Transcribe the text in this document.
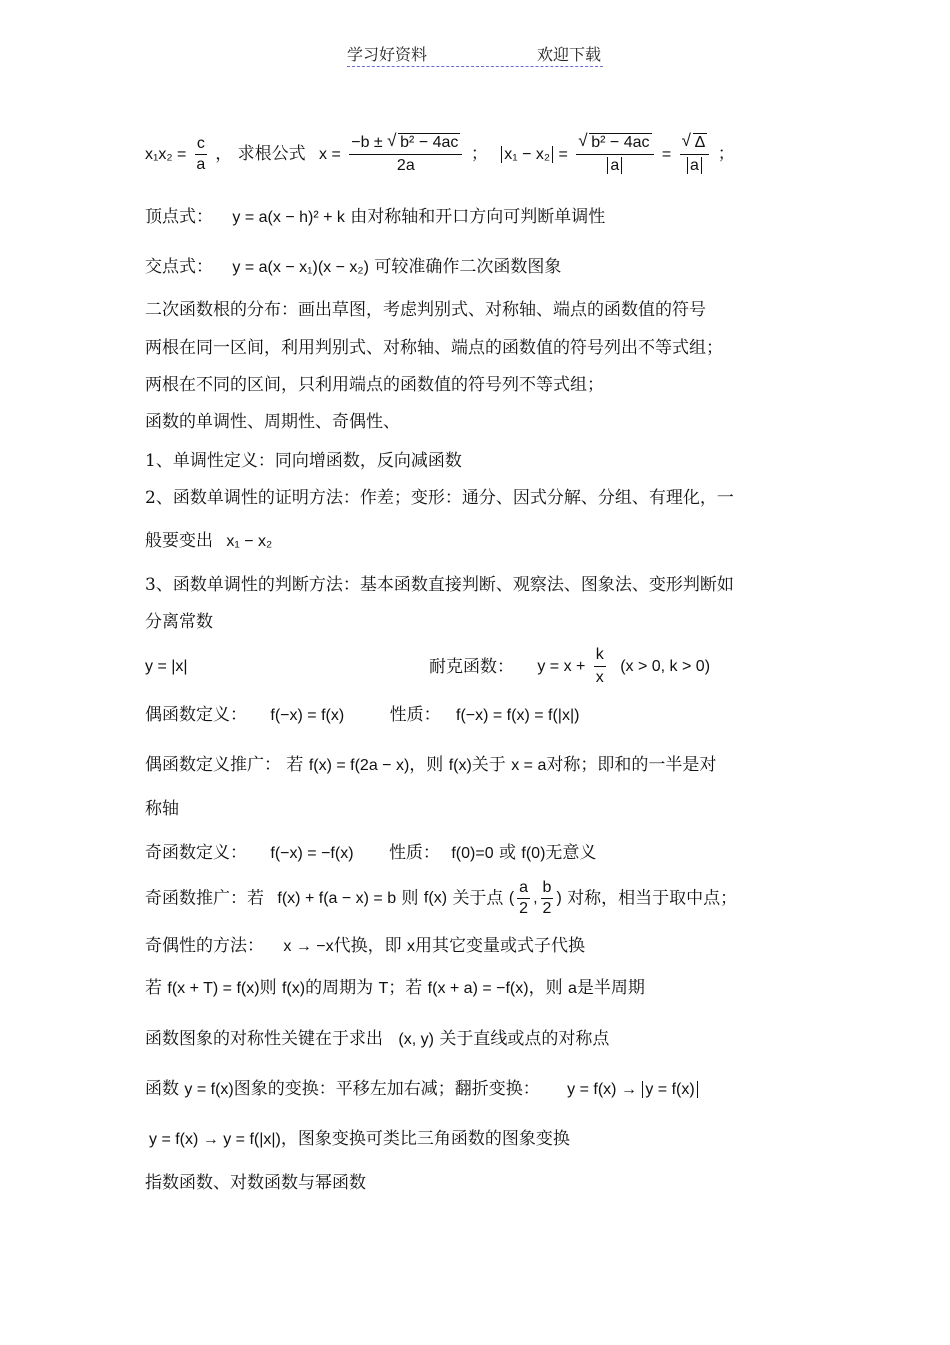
学习好资料	欢迎下载
$x_1x_2 = \frac{c}{a}$ ， 求根公式 $x = \frac{\text{−b ± √ b² − 4ac}}{2a}$ ； $x_1 - x_2 = \frac{\text{√ b² − 4ac}}{a} = \frac{√ \Delta}{a}$ ；
顶点式： y = a(x − h)² + k 由对称轴和开口方向可判断单调性
交点式： y = a(x − x₁)(x − x₂) 可较准确作二次函数图象
二次函数根的分布：画出草图，考虑判别式、对称轴、端点的函数值的符号
两根在同一区间，利用判别式、对称轴、端点的函数值的符号列出不等式组；
两根在不同的区间，只利用端点的函数值的符号列不等式组；
函数的单调性、周期性、奇偶性、
1、单调性定义：同向增函数，反向减函数
2、函数单调性的证明方法：作差；变形：通分、因式分解、分组、有理化，一
般要变出 x₁ − x₂
3、函数单调性的判断方法：基本函数直接判断、观察法、图象法、变形判断如
分离常数
y = |x|	耐克函数： $y = x + \frac{k}{x} (x > 0$, k > 0)
偶函数定义： f(−x) = f(x)	性质： f(−x) = f(x) = f(|x|)
偶函数定义推广： 若 f(x) = f(2a − x)，则 f(x)关于 x = a对称；即和的一半是对
称轴
奇函数定义： f(−x) = −f(x) 性质： f(0)=0 或 f(0)无意义
奇函数推广：若 f(x) + f(a − x) = b 则 f(x) 关于点 ( $\frac{a}{2}$ , $\frac{b}{2}$ ) 对称，相当于取中点；
奇偶性的方法： x → −x代换，即 x用其它变量或式子代换
若 f(x + T) = f(x)则 f(x)的周期为 T；若 f(x + a) = −f(x)，则 a是半周期
函数图象的对称性关键在于求出 (x, y) 关于直线或点的对称点
函数 y = f(x)图象的变换：平移左加右减；翻折变换： y = f(x) → y = f(x)
y = f(x) → y = f(|x|)，图象变换可类比三角函数的图象变换
指数函数、对数函数与幂函数
